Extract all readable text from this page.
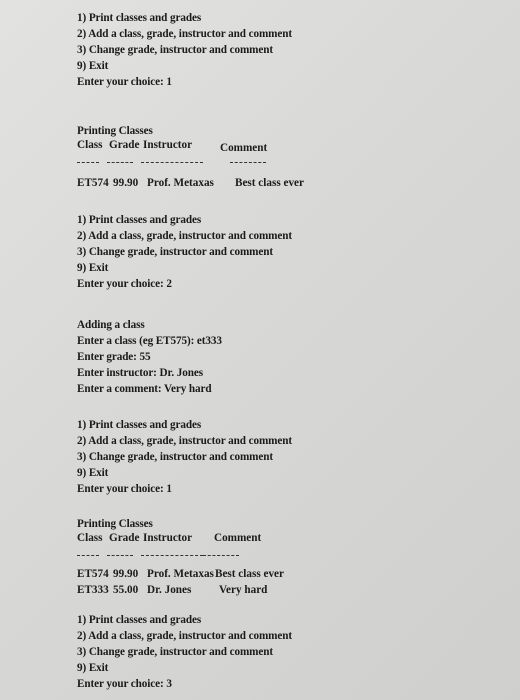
1) Print classes and grades
2) Add a class, grade, instructor and comment
3) Change grade, instructor and comment
9) Exit
Enter your choice: 1
Printing Classes
Class Grade Instructor Comment
ET574 99.90 Prof. Metaxas Best class ever
1) Print classes and grades
2) Add a class, grade, instructor and comment
3) Change grade, instructor and comment
9) Exit
Enter your choice: 2
Adding a class
Enter a class (eg ET575): et333
Enter grade: 55
Enter instructor: Dr. Jones
Enter a comment: Very hard
1) Print classes and grades
2) Add a class, grade, instructor and comment
3) Change grade, instructor and comment
9) Exit
Enter your choice: 1
Printing Classes
Class Grade Instructor Comment
ET574 99.90 Prof. Metaxas Best class ever
ET333 55.00 Dr. Jones Very hard
1) Print classes and grades
2) Add a class, grade, instructor and comment
3) Change grade, instructor and comment
9) Exit
Enter your choice: 3
